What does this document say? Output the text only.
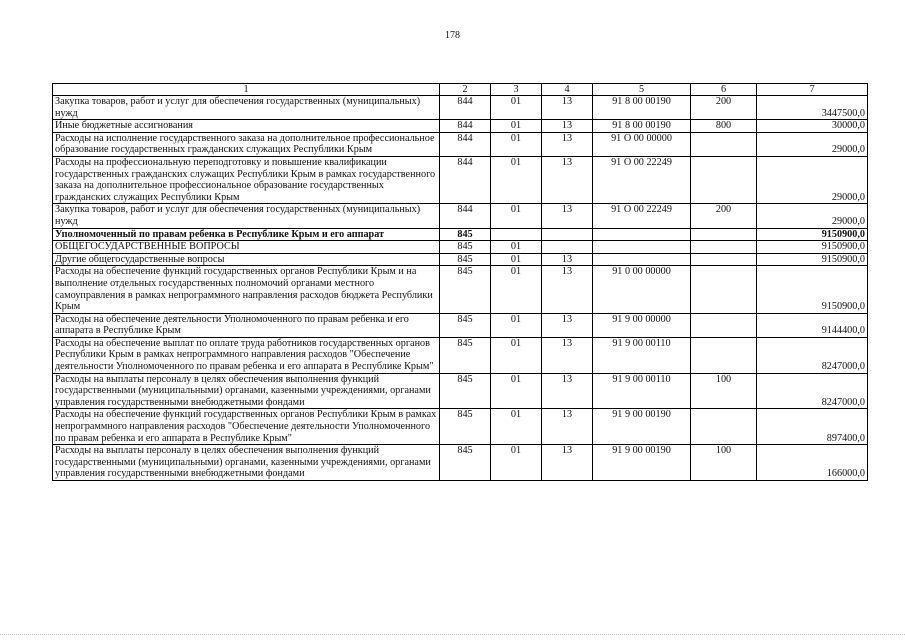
178
1	2	3	4	5	6	7
Закупка товаров, работ и услуг для обеспечения государственных (муниципальных) нужд	844	01	13	91 8 00 00190	200	3447500,0
Иные бюджетные ассигнования	844	01	13	91 8 00 00190	800	30000,0
Расходы на исполнение государственного заказа на дополнительное профессиональное образование государственных гражданских служащих Республики Крым	844	01	13	91 О 00 00000		29000,0
Расходы на профессиональную переподготовку и повышение квалификации государственных гражданских служащих Республики Крым в рамках государственного заказа на дополнительное профессиональное образование государственных гражданских служащих Республики Крым	844	01	13	91 О 00 22249		29000,0
Закупка товаров, работ и услуг для обеспечения государственных (муниципальных) нужд	844	01	13	91 О 00 22249	200	29000,0
Уполномоченный по правам ребенка в Республике Крым и его аппарат	845					9150900,0
ОБЩЕГОСУДАРСТВЕННЫЕ ВОПРОСЫ	845	01				9150900,0
Другие общегосударственные вопросы	845	01	13			9150900,0
Расходы на обеспечение функций государственных органов Республики Крым и на выполнение отдельных государственных полномочий органами местного самоуправления в рамках непрограммного направления расходов бюджета Республики Крым	845	01	13	91 0 00 00000		9150900,0
Расходы на обеспечение деятельности Уполномоченного по правам ребенка и его аппарата в Республике Крым	845	01	13	91 9 00 00000		9144400,0
Расходы на обеспечение выплат по оплате труда работников государственных органов Республики Крым в рамках непрограммного направления расходов "Обеспечение деятельности Уполномоченного по правам ребенка и его аппарата в Республике Крым"	845	01	13	91 9 00 00110		8247000,0
Расходы на выплаты персоналу в целях обеспечения выполнения функций государственными (муниципальными) органами, казенными учреждениями, органами управления государственными внебюджетными фондами	845	01	13	91 9 00 00110	100	8247000,0
Расходы на обеспечение функций государственных органов Республики Крым в рамках непрограммного направления расходов "Обеспечение деятельности Уполномоченного по правам ребенка и его аппарата в Республике Крым"	845	01	13	91 9 00 00190		897400,0
Расходы на выплаты персоналу в целях обеспечения выполнения функций государственными (муниципальными) органами, казенными учреждениями, органами управления государственными внебюджетными фондами	845	01	13	91 9 00 00190	100	166000,0
